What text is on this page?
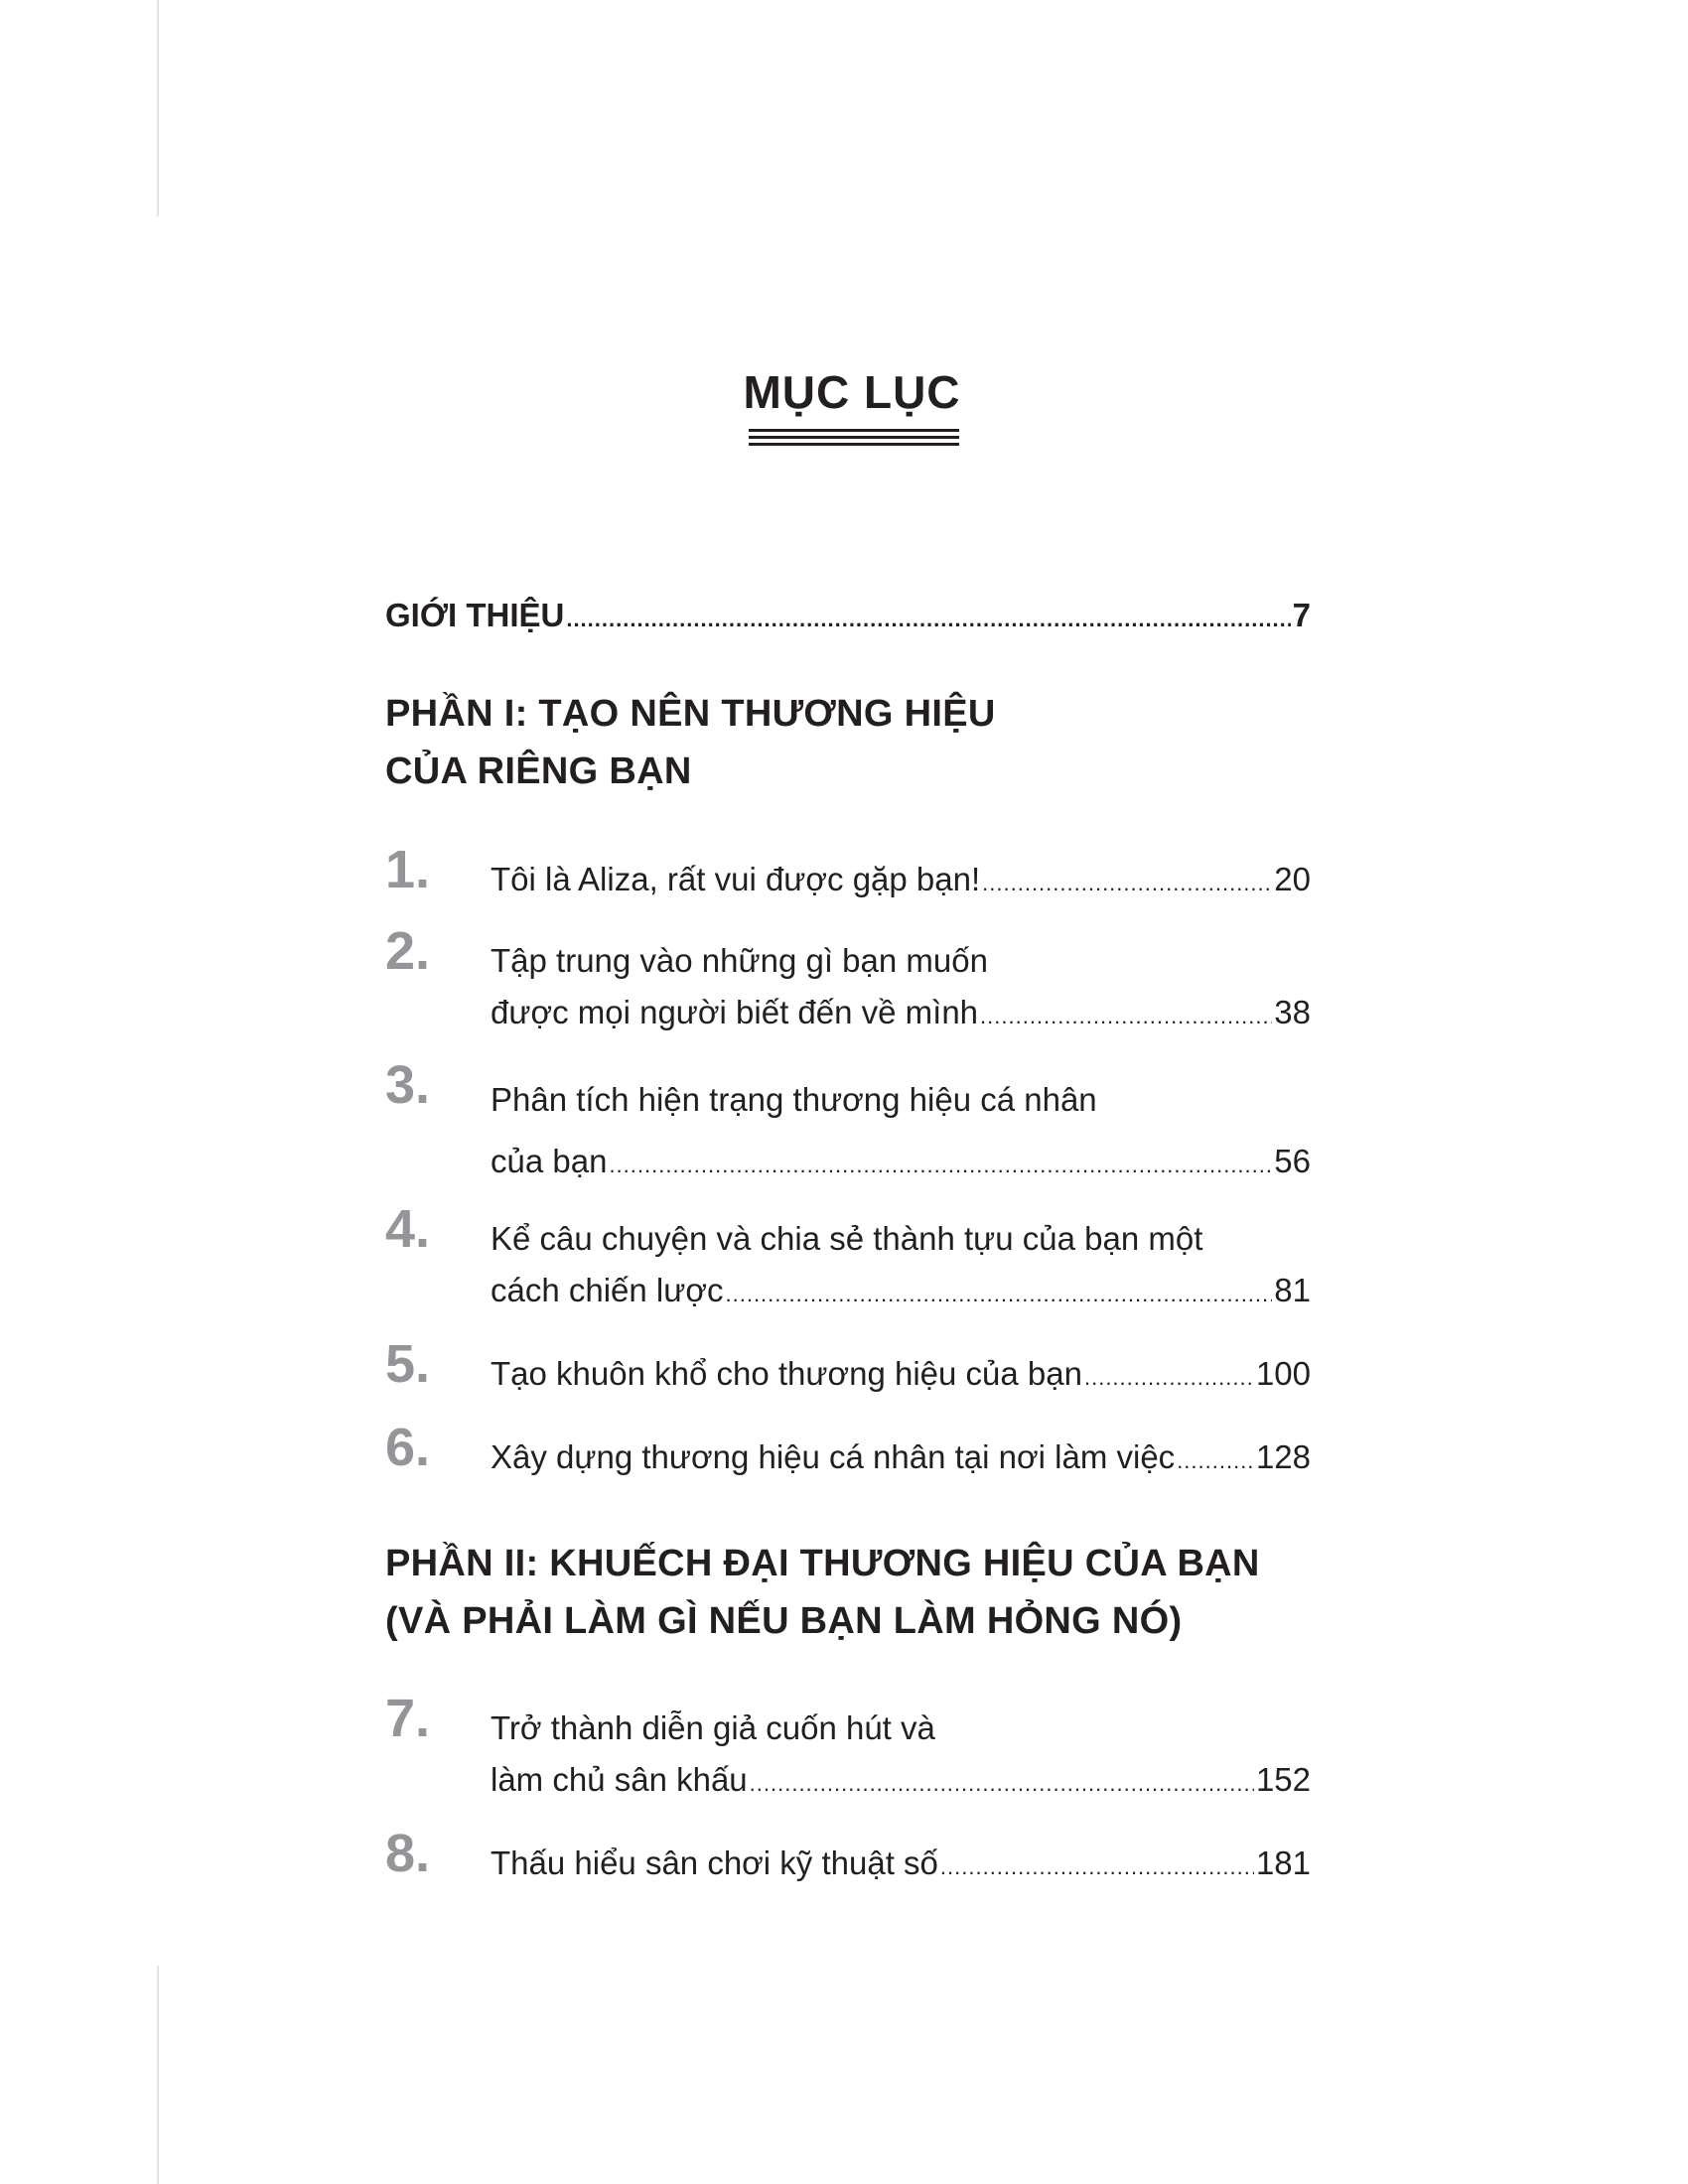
MỤC LỤC
GIỚI THIỆU .....	7
PHẦN I: TẠO NÊN THƯƠNG HIỆU
CỦA RIÊNG BẠN
1. Tôi là Aliza, rất vui được gặp bạn! .....	20
2. Tập trung vào những gì bạn muốn
được mọi người biết đến về mình .....	38
3. Phân tích hiện trạng thương hiệu cá nhân
của bạn .....	56
4. Kể câu chuyện và chia sẻ thành tựu của bạn một
cách chiến lược .....	81
5. Tạo khuôn khổ cho thương hiệu của bạn .....	100
6. Xây dựng thương hiệu cá nhân tại nơi làm việc ..... 128
PHẦN II: KHUẾCH ĐẠI THƯƠNG HIỆU CỦA BẠN
(VÀ PHẢI LÀM GÌ NẾU BẠN LÀM HỎNG NÓ)
7. Trở thành diễn giả cuốn hút và
làm chủ sân khấu .....	152
8. Thấu hiểu sân chơi kỹ thuật số .....	181
